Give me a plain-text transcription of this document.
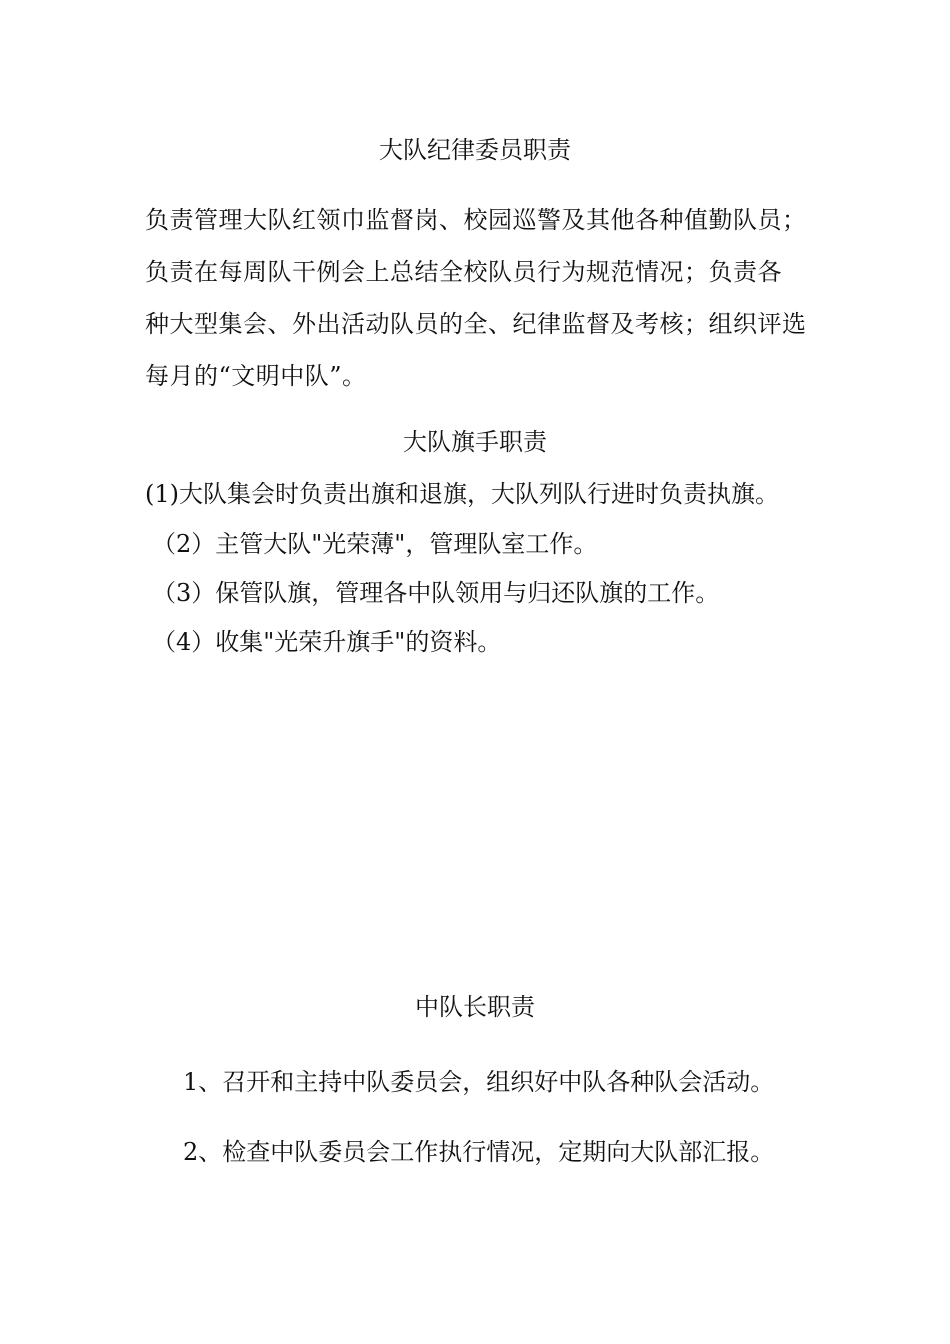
大队纪律委员职责
负责管理大队红领巾监督岗、校园巡警及其他各种值勤队员；
负责在每周队干例会上总结全校队员行为规范情况；负责各
种大型集会、外出活动队员的全、纪律监督及考核；组织评选
每月的“文明中队”。
大队旗手职责
(1)大队集会时负责出旗和退旗，大队列队行进时负责执旗。
（2）主管大队"光荣薄"，管理队室工作。
（3）保管队旗，管理各中队领用与归还队旗的工作。
（4）收集"光荣升旗手"的资料。
中队长职责
1、召开和主持中队委员会，组织好中队各种队会活动。
2、检查中队委员会工作执行情况，定期向大队部汇报。
